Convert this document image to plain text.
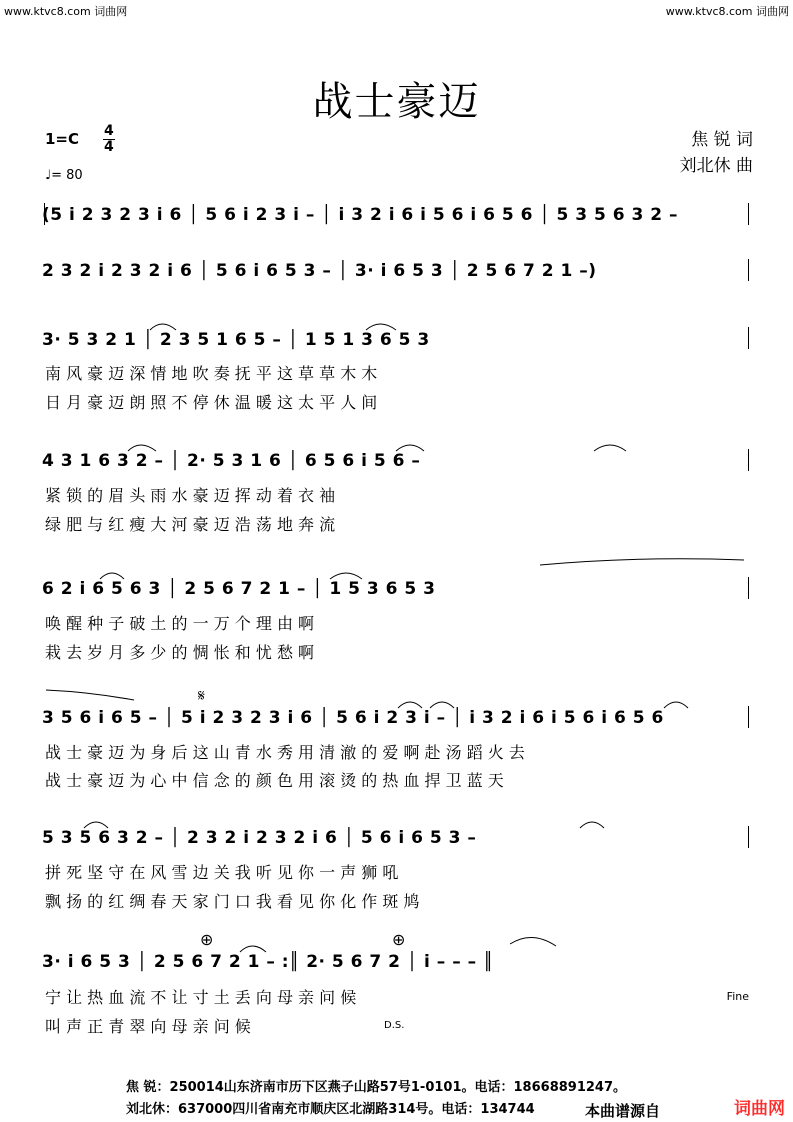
www.ktvc8.com 词曲网	www.ktvc8.com 词曲网
战士豪迈
$1=C \frac{4}{4}$
♩= 80
焦 锐 词
刘北休 曲
(5 i 2 3 2 3 i 6 │ 5 6 i 2 3 i – │ i 3 2 i 6 i 5 6 i 6 5 6 │ 5 3 5 6 3 2 –
2 3 2 i 2 3 2 i 6 │ 5 6 i 6 5 3 – │ 3· i 6 5 3 │ 2 5 6 7 2 1 –)
3· 5 3 2 1 │ 2 3 5 1 6 5 – │ 1 5 1 3 6 5 3
4 3 1 6 3 2 – │ 2· 5 3 1 6 │ 6 5 6 i 5 6 –
6 2 i 6 5 6 3 │ 2 5 6 7 2 1 – │ 1 5 3 6 5 3
3 5 6 i 6 5 – │ 5 i 2 3 2 3 i 6 │ 5 6 i 2 3 i – │ i 3 2 i 6 i 5 6 i 6 5 6
5 3 5 6 3 2 – │ 2 3 2 i 2 3 2 i 6 │ 5 6 i 6 5 3 –
3· i 6 5 3 │ 2 5 6 7 2 1 – :║ 2· 5 6 7 2 │ i – – – ║
𝄋
⊕	⊕
南 风 豪 迈 深 情 地 吹 奏 抚 平 这 草 草 木 木
日 月 豪 迈 朗 照 不 停 休 温 暖 这 太 平 人 间
紧 锁 的 眉 头 雨 水 豪 迈 挥 动 着 衣 袖
绿 肥 与 红 瘦 大 河 豪 迈 浩 荡 地 奔 流
唤 醒 种 子 破 土 的 一 万 个 理 由 啊
栽 去 岁 月 多 少 的 惆 怅 和 忧 愁 啊
战 士 豪 迈 为 身 后 这 山 青 水 秀 用 清 澈 的 爱 啊 赴 汤 蹈 火 去
战 士 豪 迈 为 心 中 信 念 的 颜 色 用 滚 烫 的 热 血 捍 卫 蓝 天
拼 死 坚 守 在 风 雪 边 关 我 听 见 你 一 声 狮 吼
飘 扬 的 红 绸 春 天 家 门 口 我 看 见 你 化 作 斑 鸠
宁 让 热 血 流 不 让 寸 土 丢 向 母 亲 问 候
叫 声 正 青 翠 向 母 亲 问 候
Fine
D.S.
焦 锐：250014山东济南市历下区燕子山路57号1-0101。电话：18668891247。
刘北休：637000四川省南充市顺庆区北湖路314号。电话：134744	本曲谱源自	词曲网
